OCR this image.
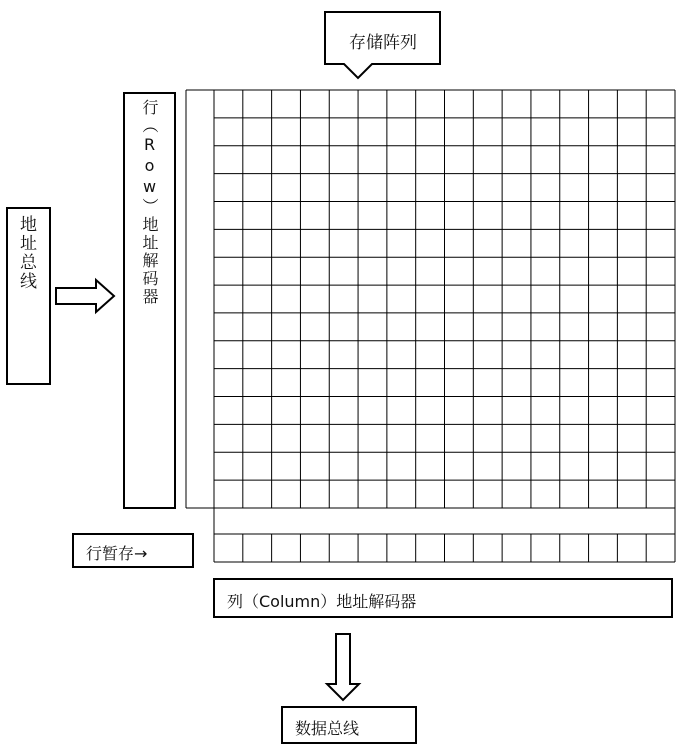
存储阵列
地址总线	行（Row）地址解码器
行暂存→
列（Column）地址解码器
数据总线
